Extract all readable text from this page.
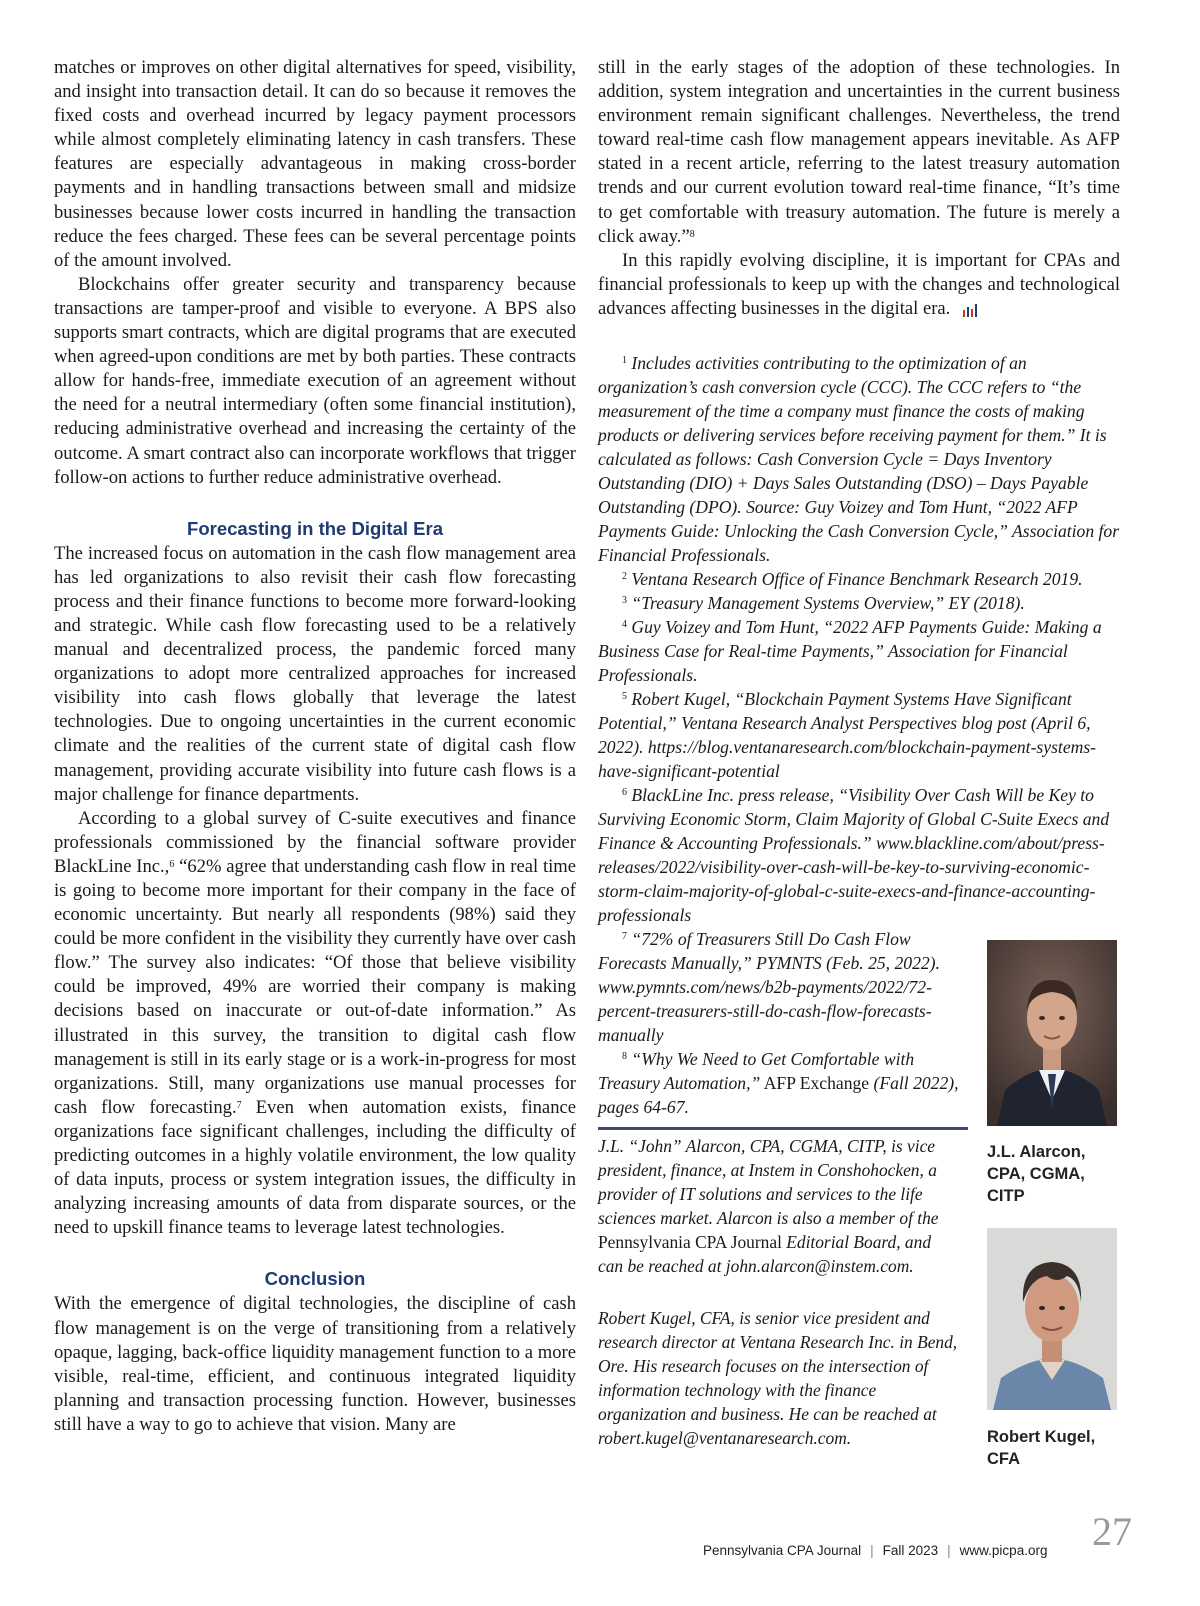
matches or improves on other digital alternatives for speed, visibility, and insight into transaction detail. It can do so because it removes the fixed costs and overhead incurred by legacy payment processors while almost completely eliminating latency in cash transfers. These features are especially advantageous in making cross-border payments and in handling transactions between small and midsize businesses because lower costs incurred in handling the transaction reduce the fees charged. These fees can be several percentage points of the amount involved.

Blockchains offer greater security and transparency because transactions are tamper-proof and visible to everyone. A BPS also supports smart contracts, which are digital programs that are executed when agreed-upon conditions are met by both parties. These contracts allow for hands-free, immediate execution of an agreement without the need for a neutral intermediary (often some financial institution), reducing administrative overhead and increasing the certainty of the outcome. A smart contract also can incorporate workflows that trigger follow-on actions to further reduce administrative overhead.

Forecasting in the Digital Era

The increased focus on automation in the cash flow management area has led organizations to also revisit their cash flow forecasting process and their finance functions to become more forward-looking and strategic. While cash flow forecasting used to be a relatively manual and decentralized process, the pandemic forced many organizations to adopt more centralized approaches for increased visibility into cash flows globally that leverage the latest technologies. Due to ongoing uncertainties in the current economic climate and the realities of the current state of digital cash flow management, providing accurate visibility into future cash flows is a major challenge for finance departments.

According to a global survey of C-suite executives and finance professionals commissioned by the financial software provider BlackLine Inc.,$^6$ “62% agree that understanding cash flow in real time is going to become more important for their company in the face of economic uncertainty. But nearly all respondents (98%) said they could be more confident in the visibility they currently have over cash flow.” The survey also indicates: “Of those that believe visibility could be improved, 49% are worried their company is making decisions based on inaccurate or out-of-date information.” As illustrated in this survey, the transition to digital cash flow management is still in its early stage or is a work-in-progress for most organizations. Still, many organizations use manual processes for cash flow forecasting.$^7$ Even when automation exists, finance organizations face significant challenges, including the difficulty of predicting outcomes in a highly volatile environment, the low quality of data inputs, process or system integration issues, the difficulty in analyzing increasing amounts of data from disparate sources, or the need to upskill finance teams to leverage latest technologies.

Conclusion

With the emergence of digital technologies, the discipline of cash flow management is on the verge of transitioning from a relatively opaque, lagging, back-office liquidity management function to a more visible, real-time, efficient, and continuous integrated liquidity planning and transaction processing function. However, businesses still have a way to go to achieve that vision. Many are

still in the early stages of the adoption of these technologies. In addition, system integration and uncertainties in the current business environment remain significant challenges. Nevertheless, the trend toward real-time cash flow management appears inevitable. As AFP stated in a recent article, referring to the latest treasury automation trends and our current evolution toward real-time finance, “It’s time to get comfortable with treasury automation. The future is merely a click away.”$^8$

In this rapidly evolving discipline, it is important for CPAs and financial professionals to keep up with the changes and technological advances affecting businesses in the digital era.

$^1$ Includes activities contributing to the optimization of an organization’s cash conversion cycle (CCC). The CCC refers to “the measurement of the time a company must finance the costs of making products or delivering services before receiving payment for them.” It is calculated as follows: Cash Conversion Cycle = Days Inventory Outstanding (DIO) + Days Sales Outstanding (DSO) – Days Payable Outstanding (DPO). Source: Guy Voizey and Tom Hunt, “2022 AFP Payments Guide: Unlocking the Cash Conversion Cycle,” Association for Financial Professionals.

$^2$ Ventana Research Office of Finance Benchmark Research 2019.

$^3$ “Treasury Management Systems Overview,” EY (2018).

$^4$ Guy Voizey and Tom Hunt, “2022 AFP Payments Guide: Making a Business Case for Real-time Payments,” Association for Financial Professionals.

$^5$ Robert Kugel, “Blockchain Payment Systems Have Significant Potential,” Ventana Research Analyst Perspectives blog post (April 6, 2022). https://blog.ventanaresearch.com/blockchain-payment-systems-have-significant-potential

$^6$ BlackLine Inc. press release, “Visibility Over Cash Will be Key to Surviving Economic Storm, Claim Majority of Global C-Suite Execs and Finance & Accounting Professionals.” www.blackline.com/about/press-releases/2022/visibility-over-cash-will-be-key-to-surviving-economic-storm-claim-majority-of-global-c-suite-execs-and-finance-accounting-professionals

$^7$ “72% of Treasurers Still Do Cash Flow Forecasts Manually,” PYMNTS (Feb. 25, 2022). www.pymnts.com/news/b2b-payments/2022/72-percent-treasurers-still-do-cash-flow-forecasts-manually

$^8$ “Why We Need to Get Comfortable with Treasury Automation,” AFP Exchange (Fall 2022), pages 64-67.

J.L. “John” Alarcon, CPA, CGMA, CITP, is vice president, finance, at Instem in Conshohocken, a provider of IT solutions and services to the life sciences market. Alarcon is also a member of the Pennsylvania CPA Journal Editorial Board, and can be reached at john.alarcon@instem.com.

Robert Kugel, CFA, is senior vice president and research director at Ventana Research Inc. in Bend, Ore. His research focuses on the intersection of information technology with the finance organization and business. He can be reached at robert.kugel@ventanaresearch.com.

J.L. Alarcon,
CPA, CGMA,
CITP

Robert Kugel,
CFA

Pennsylvania CPA Journal | Fall 2023 | www.picpa.org 27
